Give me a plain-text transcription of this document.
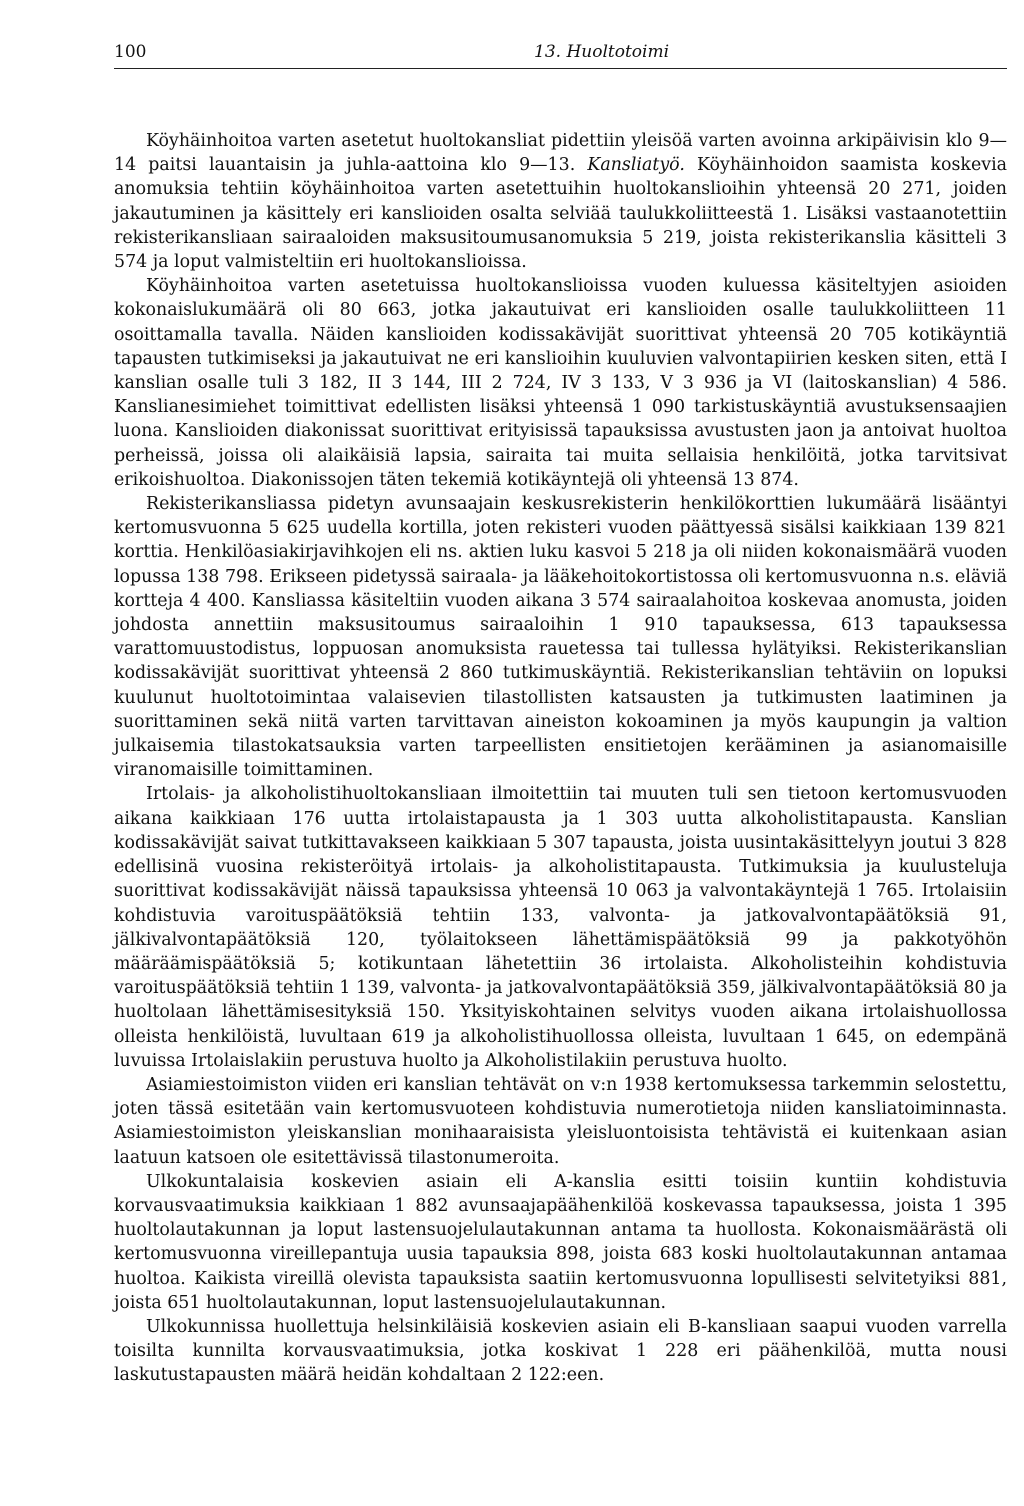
100	13. Huoltotoimi

Köyhäinhoitoa varten asetetut huoltokansliat pidettiin yleisöä varten avoinna arkipäivisin klo 9—14 paitsi lauantaisin ja juhla-aattoina klo 9—13. Kansliatyö. Köyhäinhoidon saamista koskevia anomuksia tehtiin köyhäinhoitoa varten asetettuihin huoltokanslioihin yhteensä 20 271, joiden jakautuminen ja käsittely eri kanslioiden osalta selviää taulukkoliitteestä 1. Lisäksi vastaanotettiin rekisterikansliaan sairaaloiden maksusitoumusanomuksia 5 219, joista rekisterikanslia käsitteli 3 574 ja loput valmisteltiin eri huoltokanslioissa.

Köyhäinhoitoa varten asetetuissa huoltokanslioissa vuoden kuluessa käsiteltyjen asioiden kokonaislukumäärä oli 80 663, jotka jakautuivat eri kanslioiden osalle taulukkoliitteen 11 osoittamalla tavalla. Näiden kanslioiden kodissakävijät suorittivat yhteensä 20 705 kotikäyntiä tapausten tutkimiseksi ja jakautuivat ne eri kanslioihin kuuluvien valvontapiirien kesken siten, että I kanslian osalle tuli 3 182, II 3 144, III 2 724, IV 3 133, V 3 936 ja VI (laitoskanslian) 4 586. Kanslianesimiehet toimittivat edellisten lisäksi yhteensä 1 090 tarkistuskäyntiä avustuksensaajien luona. Kanslioiden diakonissat suorittivat erityisissä tapauksissa avustusten jaon ja antoivat huoltoa perheissä, joissa oli alaikäisiä lapsia, sairaita tai muita sellaisia henkilöitä, jotka tarvitsivat erikoishuoltoa. Diakonissojen täten tekemiä kotikäyntejä oli yhteensä 13 874.

Rekisterikansliassa pidetyn avunsaajain keskusrekisterin henkilökorttien lukumäärä lisääntyi kertomusvuonna 5 625 uudella kortilla, joten rekisteri vuoden päättyessä sisälsi kaikkiaan 139 821 korttia. Henkilöasiakirjavihkojen eli ns. aktien luku kasvoi 5 218 ja oli niiden kokonaismäärä vuoden lopussa 138 798. Erikseen pidetyssä sairaala- ja lääkehoitokortistossa oli kertomusvuonna n.s. eläviä kortteja 4 400. Kansliassa käsiteltiin vuoden aikana 3 574 sairaalahoitoa koskevaa anomusta, joiden johdosta annettiin maksusitoumus sairaaloihin 1 910 tapauksessa, 613 tapauksessa varattomuustodistus, loppuosan anomuksista rauetessa tai tullessa hylätyiksi. Rekisterikanslian kodissakävijät suorittivat yhteensä 2 860 tutkimuskäyntiä. Rekisterikanslian tehtäviin on lopuksi kuulunut huoltotoimintaa valaisevien tilastollisten katsausten ja tutkimusten laatiminen ja suorittaminen sekä niitä varten tarvittavan aineiston kokoaminen ja myös kaupungin ja valtion julkaisemia tilastokatsauksia varten tarpeellisten ensitietojen kerääminen ja asianomaisille viranomaisille toimittaminen.

Irtolais- ja alkoholistihuoltokansliaan ilmoitettiin tai muuten tuli sen tietoon kertomusvuoden aikana kaikkiaan 176 uutta irtolaistapausta ja 1 303 uutta alkoholistitapausta. Kanslian kodissakävijät saivat tutkittavakseen kaikkiaan 5 307 tapausta, joista uusintakäsittelyyn joutui 3 828 edellisinä vuosina rekisteröityä irtolais- ja alkoholistitapausta. Tutkimuksia ja kuulusteluja suorittivat kodissakävijät näissä tapauksissa yhteensä 10 063 ja valvontakäyntejä 1 765. Irtolaisiin kohdistuvia varoituspäätöksiä tehtiin 133, valvonta- ja jatkovalvontapäätöksiä 91, jälkivalvontapäätöksiä 120, työlaitokseen lähettämispäätöksiä 99 ja pakkotyöhön määräämispäätöksiä 5; kotikuntaan lähetettiin 36 irtolaista. Alkoholisteihin kohdistuvia varoituspäätöksiä tehtiin 1 139, valvonta- ja jatkovalvontapäätöksiä 359, jälkivalvontapäätöksiä 80 ja huoltolaan lähettämisesityksiä 150. Yksityiskohtainen selvitys vuoden aikana irtolaishuollossa olleista henkilöistä, luvultaan 619 ja alkoholistihuollossa olleista, luvultaan 1 645, on edempänä luvuissa Irtolaislakiin perustuva huolto ja Alkoholistilakiin perustuva huolto.

Asiamiestoimiston viiden eri kanslian tehtävät on v:n 1938 kertomuksessa tarkemmin selostettu, joten tässä esitetään vain kertomusvuoteen kohdistuvia numerotietoja niiden kansliatoiminnasta. Asiamiestoimiston yleiskanslian monihaaraisista yleisluontoisista tehtävistä ei kuitenkaan asian laatuun katsoen ole esitettävissä tilastonumeroita.

Ulkokuntalaisia koskevien asiain eli A-kanslia esitti toisiin kuntiin kohdistuvia korvausvaatimuksia kaikkiaan 1 882 avunsaajapäähenkilöä koskevassa tapauksessa, joista 1 395 huoltolautakunnan ja loput lastensuojelulautakunnan antama ta huollosta. Kokonaismäärästä oli kertomusvuonna vireillepantuja uusia tapauksia 898, joista 683 koski huoltolautakunnan antamaa huoltoa. Kaikista vireillä olevista tapauksista saatiin kertomusvuonna lopullisesti selvitetyiksi 881, joista 651 huoltolautakunnan, loput lastensuojelulautakunnan.

Ulkokunnissa huollettuja helsinkiläisiä koskevien asiain eli B-kansliaan saapui vuoden varrella toisilta kunnilta korvausvaatimuksia, jotka koskivat 1 228 eri päähenkilöä, mutta nousi laskutustapausten määrä heidän kohdaltaan 2 122:een.
